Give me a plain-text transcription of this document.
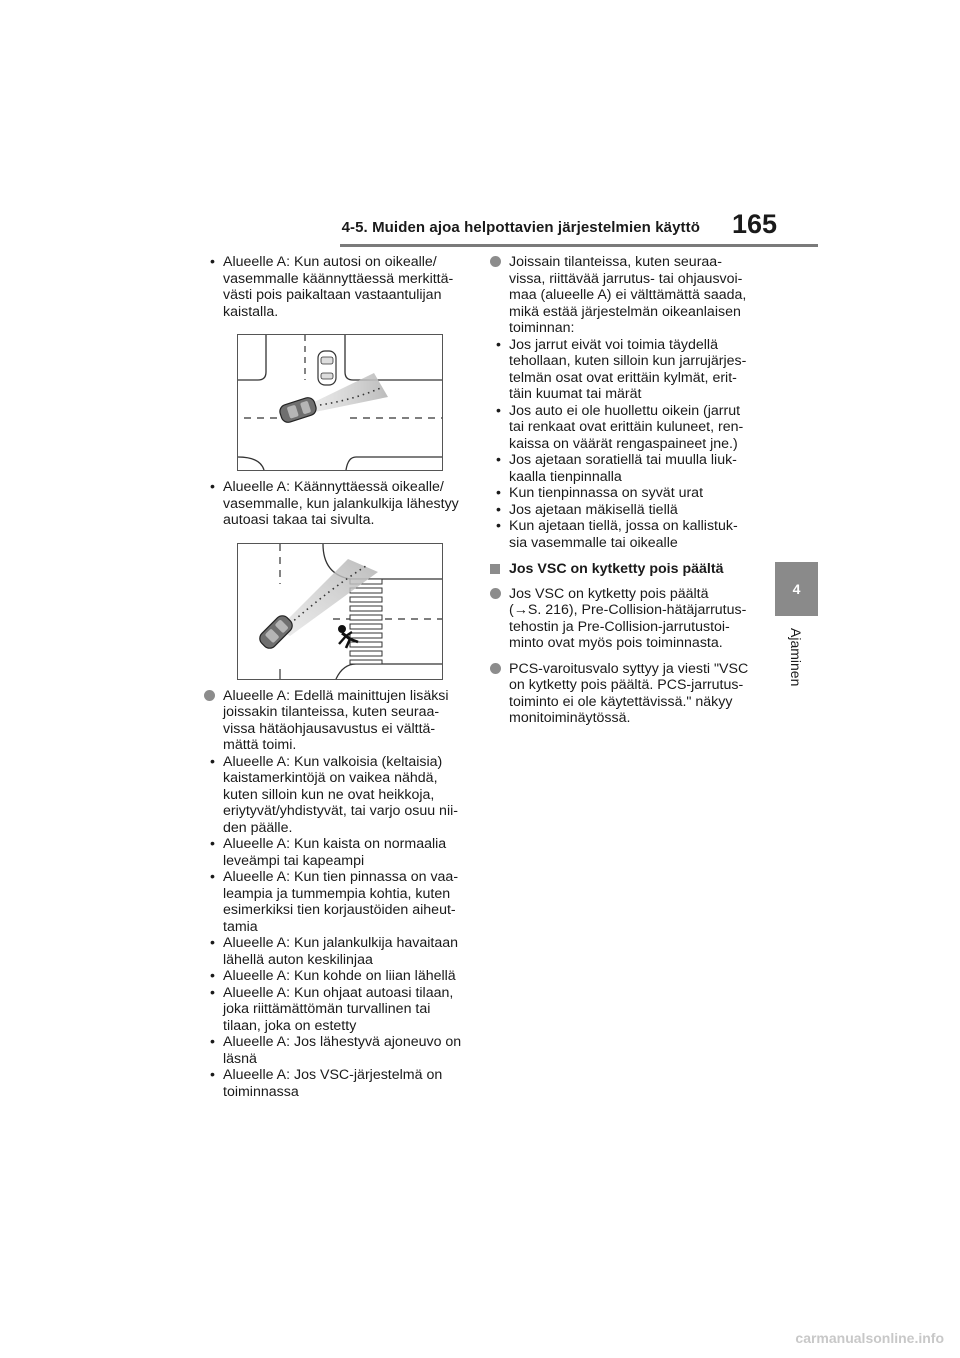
4-5. Muiden ajoa helpottavien järjestelmien käyttö 165
4
Ajaminen
• Alueelle A: Kun autosi on oikealle/
vasemmalle käännyttäessä merkittä-
västi pois paikaltaan vastaantulijan
kaistalla.
• Alueelle A: Käännyttäessä oikealle/
vasemmalle, kun jalankulkija lähestyy
autoasi takaa tai sivulta.
Alueelle A: Edellä mainittujen lisäksi
joissakin tilanteissa, kuten seuraa-
vissa hätäohjausavustus ei välttä-
mättä toimi.
• Alueelle A: Kun valkoisia (keltaisia)
kaistamerkintöjä on vaikea nähdä,
kuten silloin kun ne ovat heikkoja,
eriytyvät/yhdistyvät, tai varjo osuu nii-
den päälle.
• Alueelle A: Kun kaista on normaalia
leveämpi tai kapeampi
• Alueelle A: Kun tien pinnassa on vaa-
leampia ja tummempia kohtia, kuten
esimerkiksi tien korjaustöiden aiheut-
tamia
• Alueelle A: Kun jalankulkija havaitaan
lähellä auton keskilinjaa
• Alueelle A: Kun kohde on liian lähellä
• Alueelle A: Kun ohjaat autoasi tilaan,
joka riittämättömän turvallinen tai
tilaan, joka on estetty
• Alueelle A: Jos lähestyvä ajoneuvo on
läsnä
• Alueelle A: Jos VSC-järjestelmä on
toiminnassa
Joissain tilanteissa, kuten seuraa-
vissa, riittävää jarrutus- tai ohjausvoi-
maa (alueelle A) ei välttämättä saada,
mikä estää järjestelmän oikeanlaisen
toiminnan:
• Jos jarrut eivät voi toimia täydellä
tehollaan, kuten silloin kun jarrujärjes-
telmän osat ovat erittäin kylmät, erit-
täin kuumat tai märät
• Jos auto ei ole huollettu oikein (jarrut
tai renkaat ovat erittäin kuluneet, ren-
kaissa on väärät rengaspaineet jne.)
• Jos ajetaan soratiellä tai muulla liuk-
kaalla tienpinnalla
• Kun tienpinnassa on syvät urat
• Jos ajetaan mäkisellä tiellä
• Kun ajetaan tiellä, jossa on kallistuk-
sia vasemmalle tai oikealle
Jos VSC on kytketty pois päältä
Jos VSC on kytketty pois päältä
(→S. 216), Pre-Collision-hätäjarrutus-
tehostin ja Pre-Collision-jarrutustoi-
minto ovat myös pois toiminnasta.
PCS-varoitusvalo syttyy ja viesti "VSC
on kytketty pois päältä. PCS-jarrutus-
toiminto ei ole käytettävissä." näkyy
monitoiminäytössä.
carmanualsonline.info
